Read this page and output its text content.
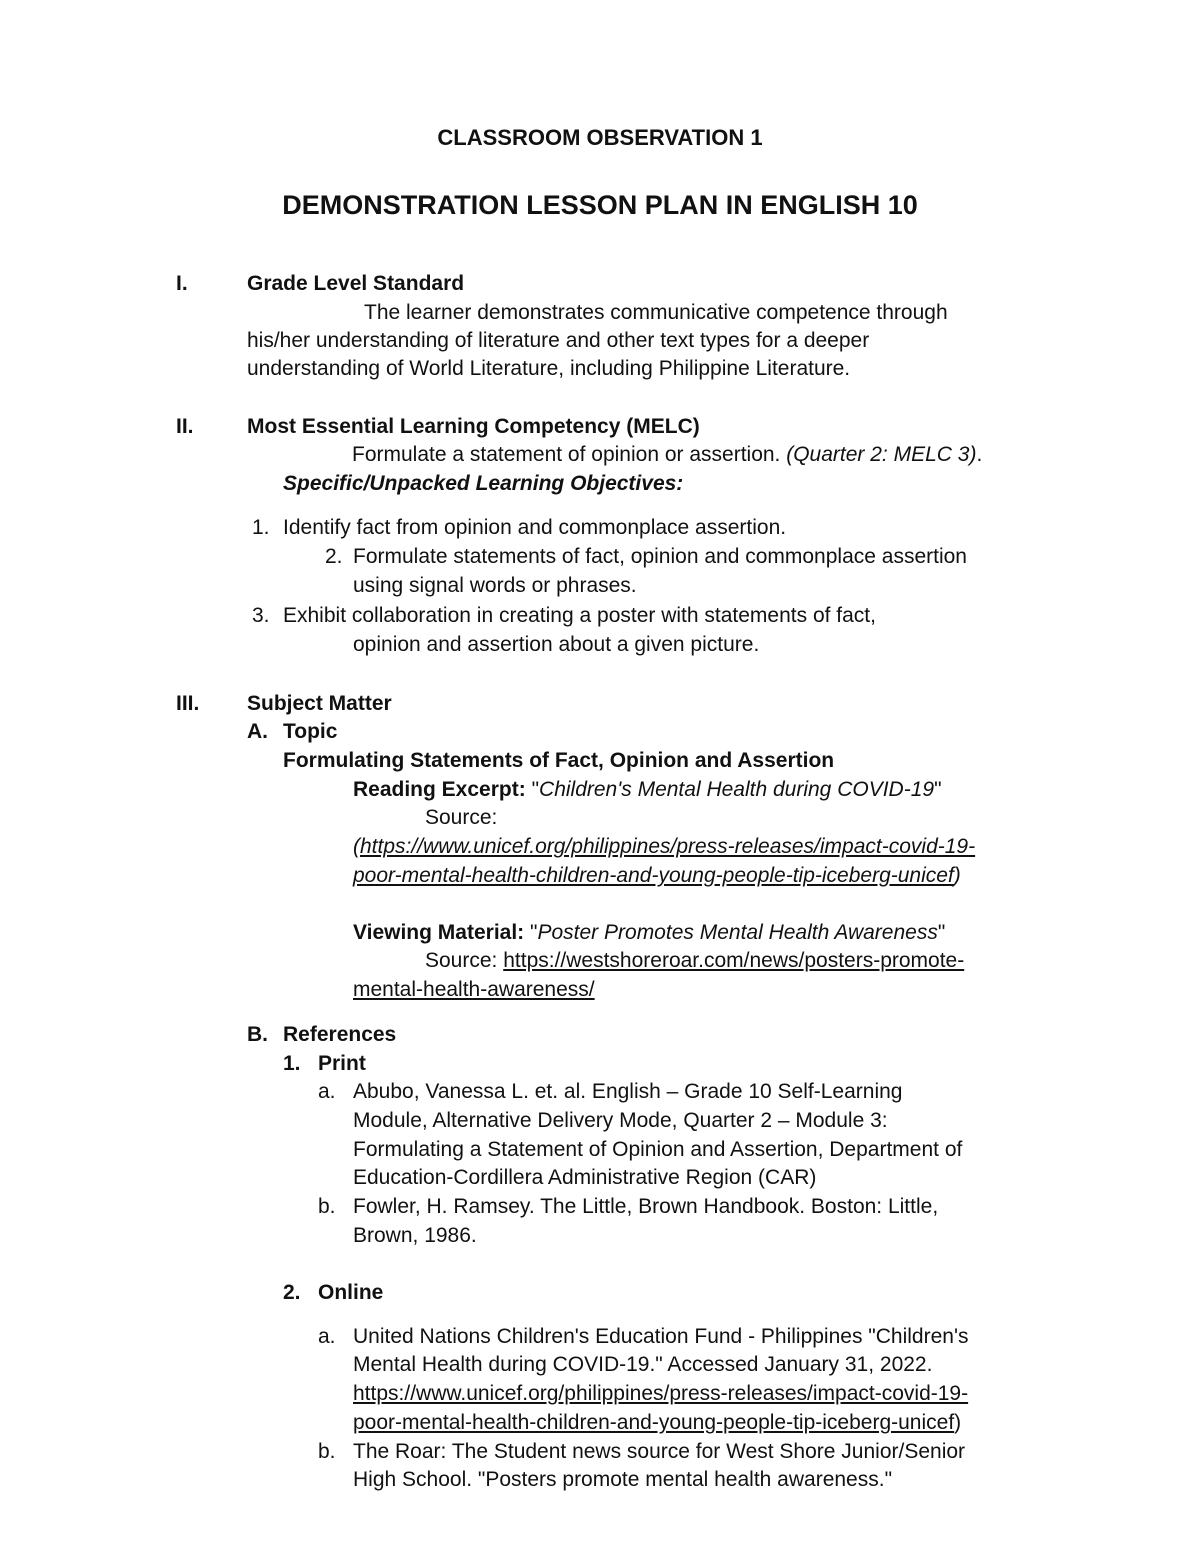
CLASSROOM OBSERVATION 1
DEMONSTRATION LESSON PLAN IN ENGLISH 10
I.	Grade Level Standard
The learner demonstrates communicative competence through
his/her understanding of literature and other text types for a deeper
understanding of World Literature, including Philippine Literature.
II.	Most Essential Learning Competency (MELC)
Formulate a statement of opinion or assertion. (Quarter 2: MELC 3).
Specific/Unpacked Learning Objectives:
1. Identify fact from opinion and commonplace assertion.
2. Formulate statements of fact, opinion and commonplace assertion
using signal words or phrases.
3. Exhibit collaboration in creating a poster with statements of fact,
opinion and assertion about a given picture.
III. Subject Matter
A. Topic
Formulating Statements of Fact, Opinion and Assertion
Reading Excerpt: "Children's Mental Health during COVID-19"
Source:
(https://www.unicef.org/philippines/press-releases/impact-covid-19-
poor-mental-health-children-and-young-people-tip-iceberg-unicef)
Viewing Material: "Poster Promotes Mental Health Awareness"
Source: https://westshoreroar.com/news/posters-promote-
mental-health-awareness/
B. References
1. Print
a. Abubo, Vanessa L. et. al. English – Grade 10 Self-Learning
Module, Alternative Delivery Mode, Quarter 2 – Module 3:
Formulating a Statement of Opinion and Assertion, Department of
Education-Cordillera Administrative Region (CAR)
b. Fowler, H. Ramsey. The Little, Brown Handbook. Boston: Little,
Brown, 1986.
2. Online
a. United Nations Children's Education Fund - Philippines "Children's
Mental Health during COVID-19." Accessed January 31, 2022.
https://www.unicef.org/philippines/press-releases/impact-covid-19-
poor-mental-health-children-and-young-people-tip-iceberg-unicef)
b. The Roar: The Student news source for West Shore Junior/Senior
High School. "Posters promote mental health awareness."
